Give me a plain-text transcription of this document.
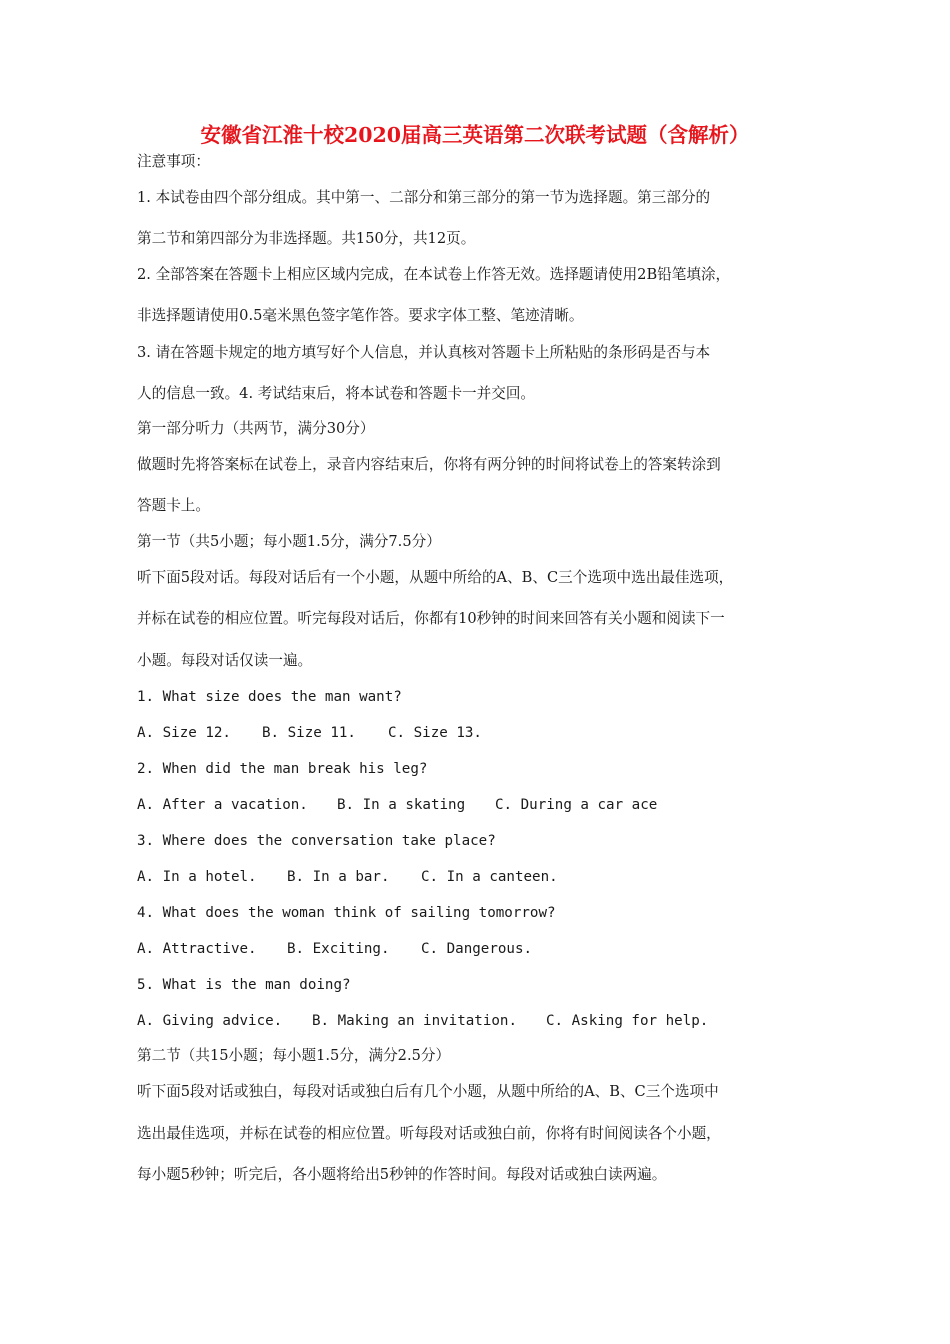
安徽省江淮十校2020届高三英语第二次联考试题（含解析）
注意事项：
1. 本试卷由四个部分组成。其中第一、二部分和第三部分的第一节为选择题。第三部分的
第二节和第四部分为非选择题。共150分，共12页。
2. 全部答案在答题卡上相应区域内完成，在本试卷上作答无效。选择题请使用2B铅笔填涂，
非选择题请使用0.5毫米黑色签字笔作答。要求字体工整、笔迹清晰。
3. 请在答题卡规定的地方填写好个人信息，并认真核对答题卡上所粘贴的条形码是否与本
人的信息一致。4. 考试结束后，将本试卷和答题卡一并交回。
第一部分听力（共两节，满分30分）
做题时先将答案标在试卷上，录音内容结束后，你将有两分钟的时间将试卷上的答案转涂到
答题卡上。
第一节（共5小题；每小题1.5分，满分7.5分）
听下面5段对话。每段对话后有一个小题，从题中所给的A、B、C三个选项中选出最佳选项，
并标在试卷的相应位置。听完每段对话后，你都有10秒钟的时间来回答有关小题和阅读下一
小题。每段对话仅读一遍。
1. What size does the man want?
A. Size 12. B. Size 11. C. Size 13.
2. When did the man break his leg?
A. After a vacation. B. In a skating C. During a car ace
3. Where does the conversation take place?
A. In a hotel. B. In a bar. C. In a canteen.
4. What does the woman think of sailing tomorrow?
A. Attractive. B. Exciting. C. Dangerous.
5. What is the man doing?
A. Giving advice. B. Making an invitation. C. Asking for help.
第二节（共15小题；每小题1.5分，满分2.5分）
听下面5段对话或独白，每段对话或独白后有几个小题，从题中所给的A、B、C三个选项中
选出最佳选项，并标在试卷的相应位置。听每段对话或独白前，你将有时间阅读各个小题，
每小题5秒钟；听完后，各小题将给出5秒钟的作答时间。每段对话或独白读两遍。
